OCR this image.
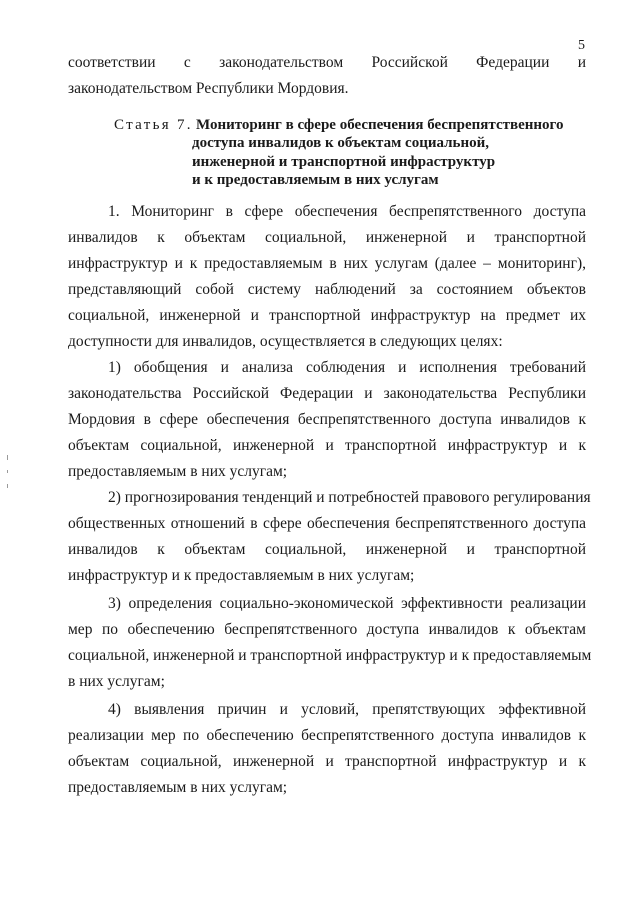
5
соответствии с законодательством Российской Федерации и
законодательством Республики Мордовия.
Статья 7. Мониторинг в сфере обеспечения беспрепятственного
доступа инвалидов к объектам социальной,
инженерной и транспортной инфраструктур
и к предоставляемым в них услугам
1. Мониторинг в сфере обеспечения беспрепятственного доступа
инвалидов к объектам социальной, инженерной и транспортной
инфраструктур и к предоставляемым в них услугам (далее – мониторинг),
представляющий собой систему наблюдений за состоянием объектов
социальной, инженерной и транспортной инфраструктур на предмет их
доступности для инвалидов, осуществляется в следующих целях:
1) обобщения и анализа соблюдения и исполнения требований
законодательства Российской Федерации и законодательства Республики
Мордовия в сфере обеспечения беспрепятственного доступа инвалидов к
объектам социальной, инженерной и транспортной инфраструктур и к
предоставляемым в них услугам;
2) прогнозирования тенденций и потребностей правового регулирования
общественных отношений в сфере обеспечения беспрепятственного доступа
инвалидов к объектам социальной, инженерной и транспортной
инфраструктур и к предоставляемым в них услугам;
3) определения социально-экономической эффективности реализации
мер по обеспечению беспрепятственного доступа инвалидов к объектам
социальной, инженерной и транспортной инфраструктур и к предоставляемым
в них услугам;
4) выявления причин и условий, препятствующих эффективной
реализации мер по обеспечению беспрепятственного доступа инвалидов к
объектам социальной, инженерной и транспортной инфраструктур и к
предоставляемым в них услугам;
